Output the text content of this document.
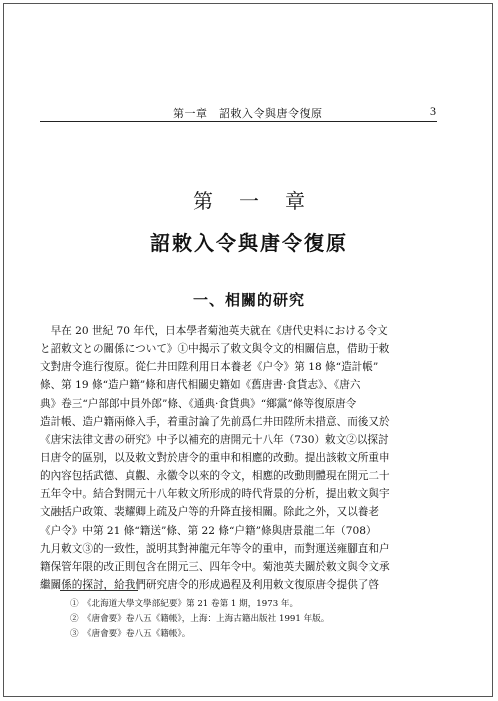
第一章　詔敕入令與唐令復原	3
第一章
詔敕入令與唐令復原
一、相關的研究
　早在 20 世紀 70 年代，日本學者菊池英夫就在《唐代史料における令文
と詔敕文との關係について》①中揭示了敕文與令文的相關信息，借助于敕
文對唐令進行復原。從仁井田陞利用日本養老《户令》第 18 條“造計帳”
條、第 19 條“造户籍”條和唐代相關史籍如《舊唐書·食貨志》、《唐六
典》卷三“户部郎中員外郎”條、《通典·食貨典》“鄉黨”條等復原唐令
造計帳、造户籍兩條入手，着重討論了先前爲仁井田陞所未措意、而後又於
《唐宋法律文書の研究》中予以補充的唐開元十八年（730）敕文②以探討
日唐令的區别，以及敕文對於唐令的重申和相應的改動。提出該敕文所重申
的內容包括武德、貞觀、永徽令以來的令文，相應的改動則體現在開元二十
五年令中。結合對開元十八年敕文所形成的時代背景的分析，提出敕文與宇
文融括户政策、裴耀卿上疏及户等的升降直接相關。除此之外，又以養老
《户令》中第 21 條“籍送”條、第 22 條“户籍”條與唐景龍二年（708）
九月敕文③的一致性，説明其對神龍元年等令的重申，而對運送雍腳直和户
籍保管年限的改正則包含在開元三、四年令中。菊池英夫關於敕文與令文承
繼關係的探討，給我們研究唐令的形成過程及利用敕文復原唐令提供了啓
①　《北海道大學文學部紀要》第 21 卷第 1 期，1973 年。
②　《唐會要》卷八五《籍帳》，上海：上海古籍出版社 1991 年版。
③　《唐會要》卷八五《籍帳》。
